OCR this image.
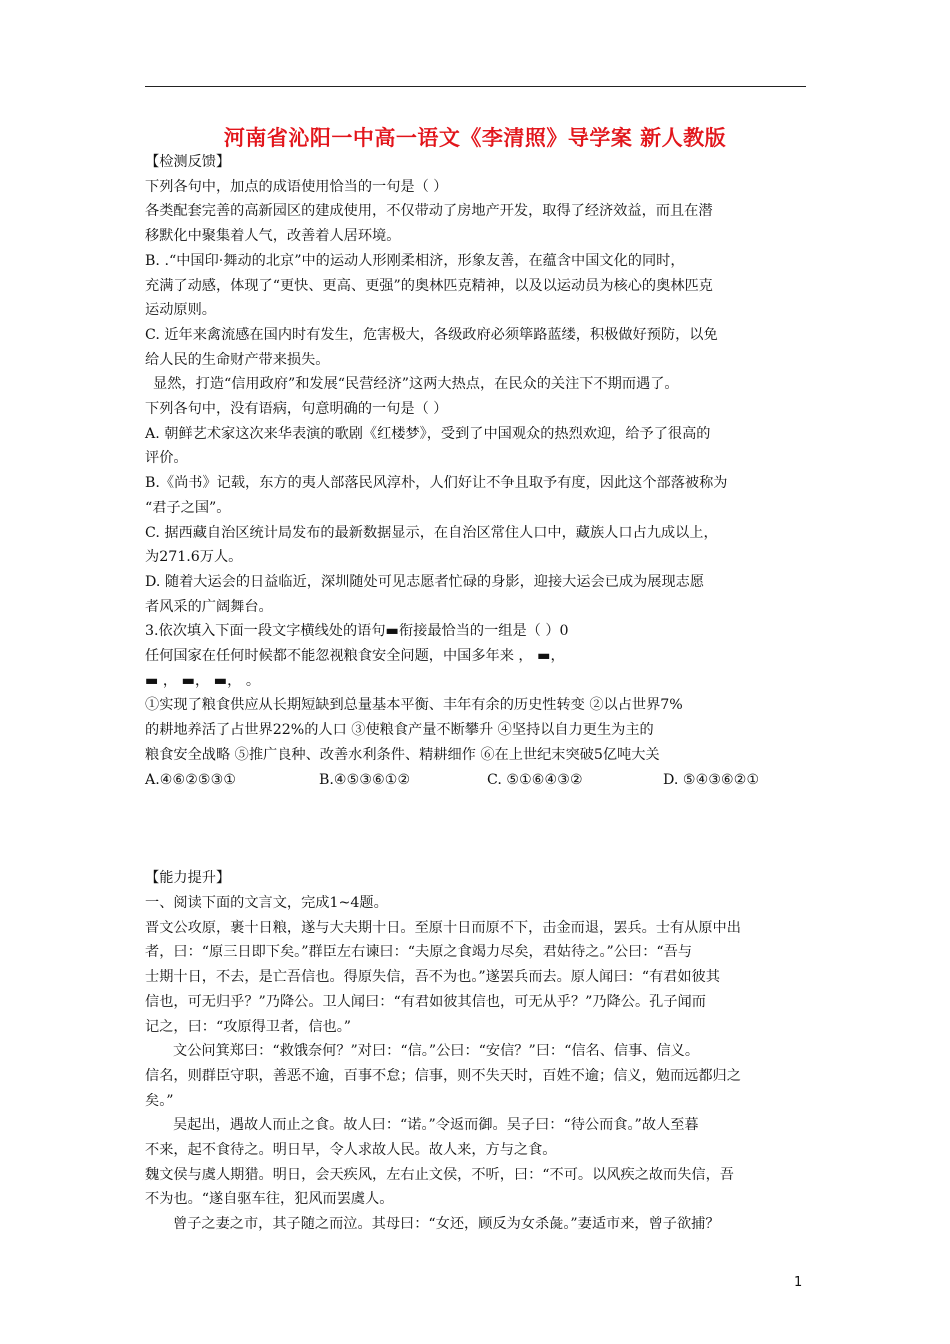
河南省沁阳一中高一语文《李清照》导学案 新人教版

【检测反馈】

下列各句中，加点的成语使用恰当的一句是（ ）

各类配套完善的高新园区的建成使用，不仅带动了房地产开发，取得了经济效益，而且在潜

移默化中聚集着人气，改善着人居环境。

B. .“中国印·舞动的北京”中的运动人形刚柔相济，形象友善，在蕴含中国文化的同时，

充满了动感，体现了“更快、更高、更强”的奥林匹克精神，以及以运动员为核心的奥林匹克

运动原则。

C. 近年来禽流感在国内时有发生，危害极大，各级政府必须筚路蓝缕，积极做好预防，以免

给人民的生命财产带来损失。

显然，打造“信用政府”和发展“民营经济”这两大热点，在民众的关注下不期而遇了。

下列各句中，没有语病，句意明确的一句是（ ）

A. 朝鲜艺术家这次来华表演的歌剧《红楼梦》，受到了中国观众的热烈欢迎，给予了很高的

评价。

B.《尚书》记载，东方的夷人部落民风淳朴，人们好让不争且取予有度，因此这个部落被称为

“君子之国”。

C. 据西藏自治区统计局发布的最新数据显示，在自治区常住人口中，藏族人口占九成以上，

为271.6万人。

D. 随着大运会的日益临近，深圳随处可见志愿者忙碌的身影，迎接大运会已成为展现志愿

者风采的广阔舞台。

3.依次填入下面一段文字横线处的语句▬衔接最恰当的一组是（ ）0

任何国家在任何时候都不能忽视粮食安全问题，中国多年来 ， ▬，

▬ ， ▬， ▬， 。

①实现了粮食供应从长期短缺到总量基本平衡、丰年有余的历史性转变 ②以占世界7%

的耕地养活了占世界22%的人口 ③使粮食产量不断攀升 ④坚持以自力更生为主的

粮食安全战略 ⑤推广良种、改善水利条件、精耕细作 ⑥在上世纪末突破5亿吨大关

A.④⑥②⑤③①	B.④⑤③⑥①②	C. ⑤①⑥④③②	D. ⑤④③⑥②①

【能力提升】

一、阅读下面的文言文，完成1~4题。

晋文公攻原，裹十日粮，遂与大夫期十日。至原十日而原不下，击金而退，罢兵。士有从原中出

者，曰：“原三日即下矣。”群臣左右谏曰：“夫原之食竭力尽矣，君姑待之。”公曰：“吾与

士期十日，不去，是亡吾信也。得原失信，吾不为也。”遂罢兵而去。原人闻曰：“有君如彼其

信也，可无归乎？”乃降公。卫人闻曰：“有君如彼其信也，可无从乎？”乃降公。孔子闻而

记之，曰：“攻原得卫者，信也。”

文公问箕郑曰：“救饿奈何？”对曰：“信。”公曰：“安信？”曰：“信名、信事、信义。

信名，则群臣守职，善恶不逾，百事不怠；信事，则不失天时，百姓不逾；信义，勉而远都归之

矣。”

吴起出，遇故人而止之食。故人曰：“诺。”令返而御。吴子曰：“待公而食。”故人至暮

不来，起不食待之。明日早，令人求故人民。故人来，方与之食。

魏文侯与虞人期猎。明日，会天疾风，左右止文侯，不听，曰：“不可。以风疾之故而失信，吾

不为也。“遂自驱车往，犯风而罢虞人。

曾子之妻之市，其子随之而泣。其母曰：“女还，顾反为女杀彘。”妻适市来，曾子欲捕？

1
